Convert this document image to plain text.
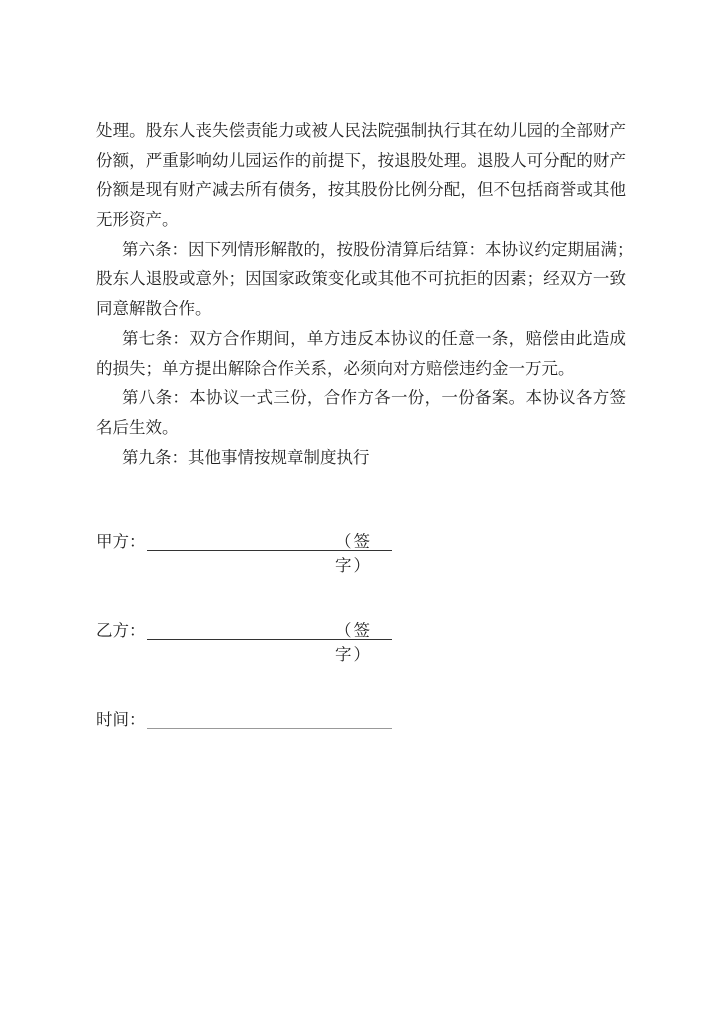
处理。股东人丧失偿责能力或被人民法院强制执行其在幼儿园的全部财产
份额，严重影响幼儿园运作的前提下，按退股处理。退股人可分配的财产
份额是现有财产减去所有债务，按其股份比例分配，但不包括商誉或其他
无形资产。
第六条：因下列情形解散的，按股份清算后结算：本协议约定期届满；
股东人退股或意外；因国家政策变化或其他不可抗拒的因素；经双方一致
同意解散合作。
第七条：双方合作期间，单方违反本协议的任意一条，赔偿由此造成
的损失；单方提出解除合作关系，必须向对方赔偿违约金一万元。
第八条：本协议一式三份，合作方各一份，一份备案。本协议各方签
名后生效。
第九条：其他事情按规章制度执行
甲方：	（签字）
乙方：	（签字）
时间：
